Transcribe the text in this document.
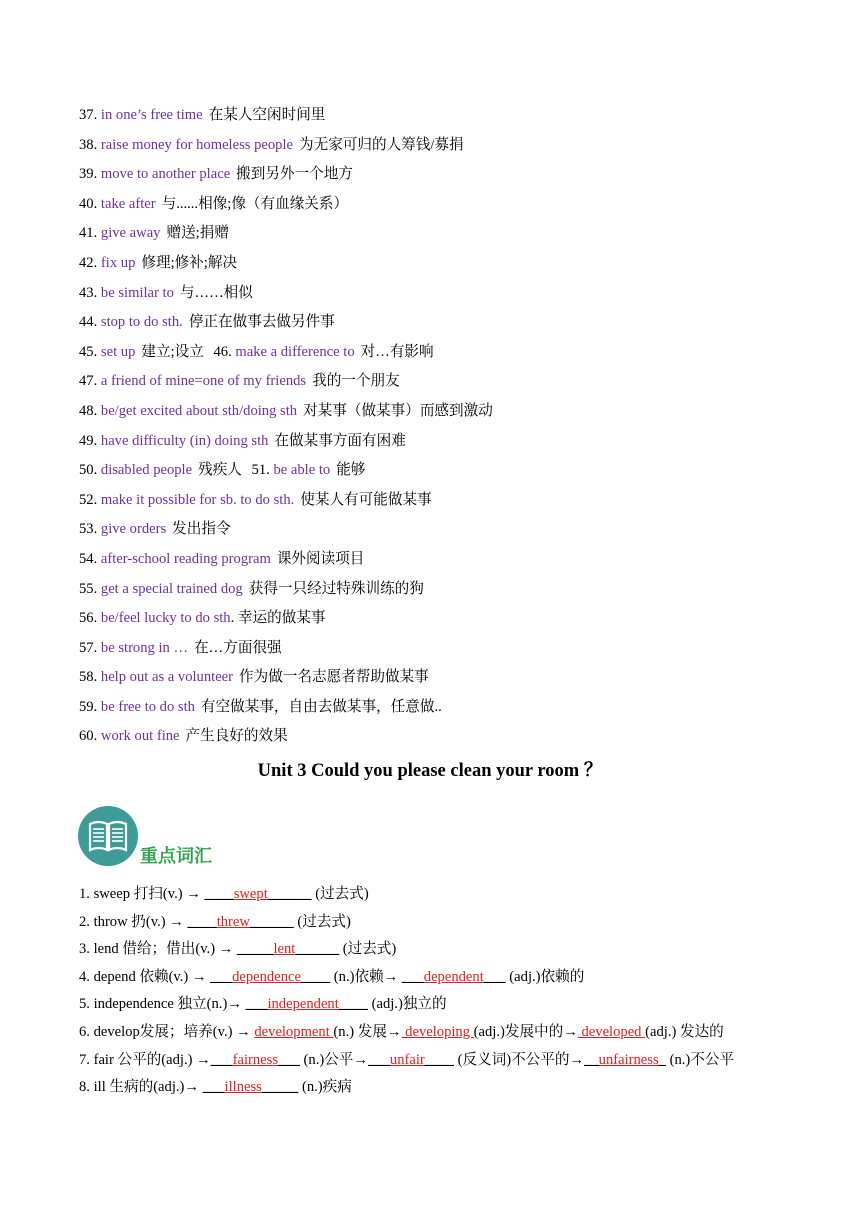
37. in one’s free time 在某人空闲时间里
38. raise money for homeless people 为无家可归的人筹钱/募捐
39. move to another place 搬到另外一个地方
40. take after 与......相像;像（有血缘关系）
41. give away 赠送;捐赠
42. fix up 修理;修补;解决
43. be similar to 与……相似
44. stop to do sth. 停正在做事去做另件事
45. set up 建立;设立 46. make a difference to 对…有影响
47. a friend of mine=one of my friends 我的一个朋友
48. be/get excited about sth/doing sth 对某事（做某事）而感到激动
49. have difficulty (in) doing sth 在做某事方面有困难
50. disabled people 残疾人 51. be able to 能够
52. make it possible for sb. to do sth. 使某人有可能做某事
53. give orders 发出指令
54. after-school reading program 课外阅读项目
55. get a special trained dog 获得一只经过特殊训练的狗
56. be/feel lucky to do sth. 幸运的做某事
57. be strong in … 在…方面很强
58. help out as a volunteer 作为做一名志愿者帮助做某事
59. be free to do sth 有空做某事，自由去做某事，任意做..
60. work out fine 产生良好的效果
Unit 3 Could you please clean your room ？
重点词汇
1. sweep 打扫(v.) → ____swept______ (过去式)
2. throw 扔(v.) → ____threw______ (过去式)
3. lend 借给；借出(v.) → _____lent______ (过去式)
4. depend 依赖(v.) → ___dependence____ (n.)依赖→ ___dependent___ (adj.)依赖的
5. independence 独立(n.)→ ___independent____ (adj.)独立的
6. develop发展；培养(v.) → development (n.) 发展→ developing (adj.)发展中的→ developed (adj.) 发达的
7. fair 公平的(adj.) →___fairness___ (n.)公平→___unfair____ (反义词)不公平的→__unfairness_ (n.)不公平
8. ill 生病的(adj.)→ ___illness_____ (n.)疾病
